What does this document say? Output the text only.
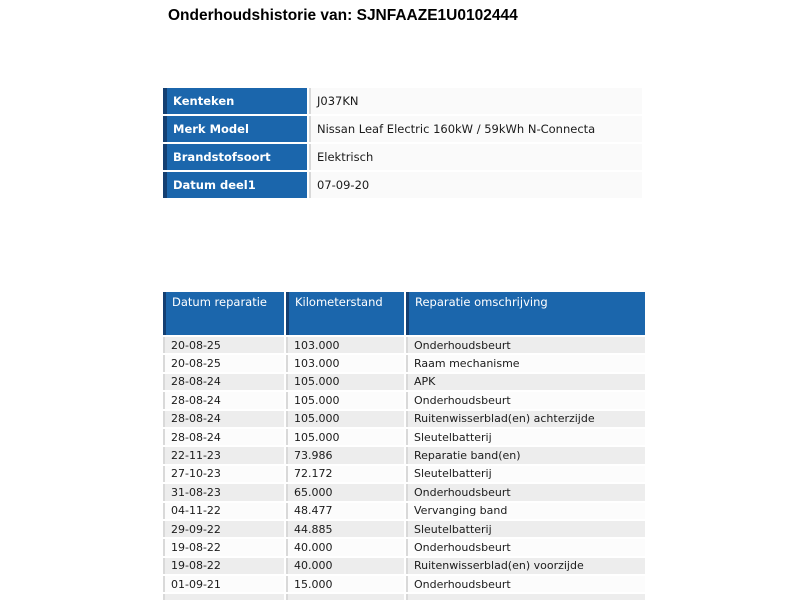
Onderhoudshistorie van: SJNFAAZE1U0102444
Kenteken	J037KN
Merk Model	Nissan Leaf Electric 160kW / 59kWh N-Connecta
Brandstofsoort	Elektrisch
Datum deel1	07-09-20
Datum reparatie	Kilometerstand	Reparatie omschrijving
20-08-25	103.000	Onderhoudsbeurt
20-08-25	103.000	Raam mechanisme
28-08-24	105.000	APK
28-08-24	105.000	Onderhoudsbeurt
28-08-24	105.000	Ruitenwisserblad(en) achterzijde
28-08-24	105.000	Sleutelbatterij
22-11-23	73.986	Reparatie band(en)
27-10-23	72.172	Sleutelbatterij
31-08-23	65.000	Onderhoudsbeurt
04-11-22	48.477	Vervanging band
29-09-22	44.885	Sleutelbatterij
19-08-22	40.000	Onderhoudsbeurt
19-08-22	40.000	Ruitenwisserblad(en) voorzijde
01-09-21	15.000	Onderhoudsbeurt
